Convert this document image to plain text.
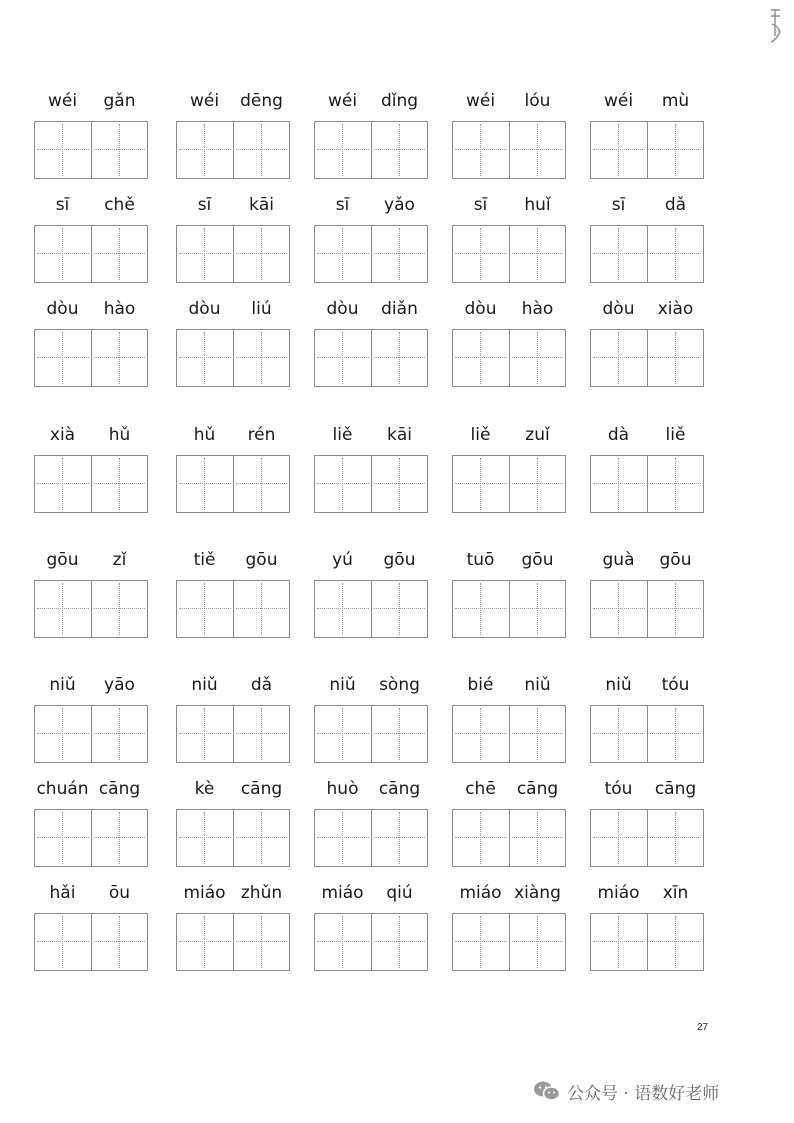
wéi	gǎn	wéi	dēng	wéi	dǐng	wéi	lóu	wéi	mù
sī	chě	sī	kāi	sī	yǎo	sī	huǐ	sī	dǎ
dòu	hào	dòu	liú	dòu	diǎn	dòu	hào	dòu	xiào
xià	hǔ	hǔ	rén	liě	kāi	liě	zuǐ	dà	liě
gōu	zǐ	tiě	gōu	yú	gōu	tuō	gōu	guà	gōu
niǔ	yāo	niǔ	dǎ	niǔ	sòng	bié	niǔ	niǔ	tóu
chuán cāng	kè	cāng	huò	cāng	chē	cāng	tóu	cāng
hǎi	ōu	miáo zhǔn	miáo	qiú	miáo xiàng	miáo	xīn
27
公众号 · 语数好老师
